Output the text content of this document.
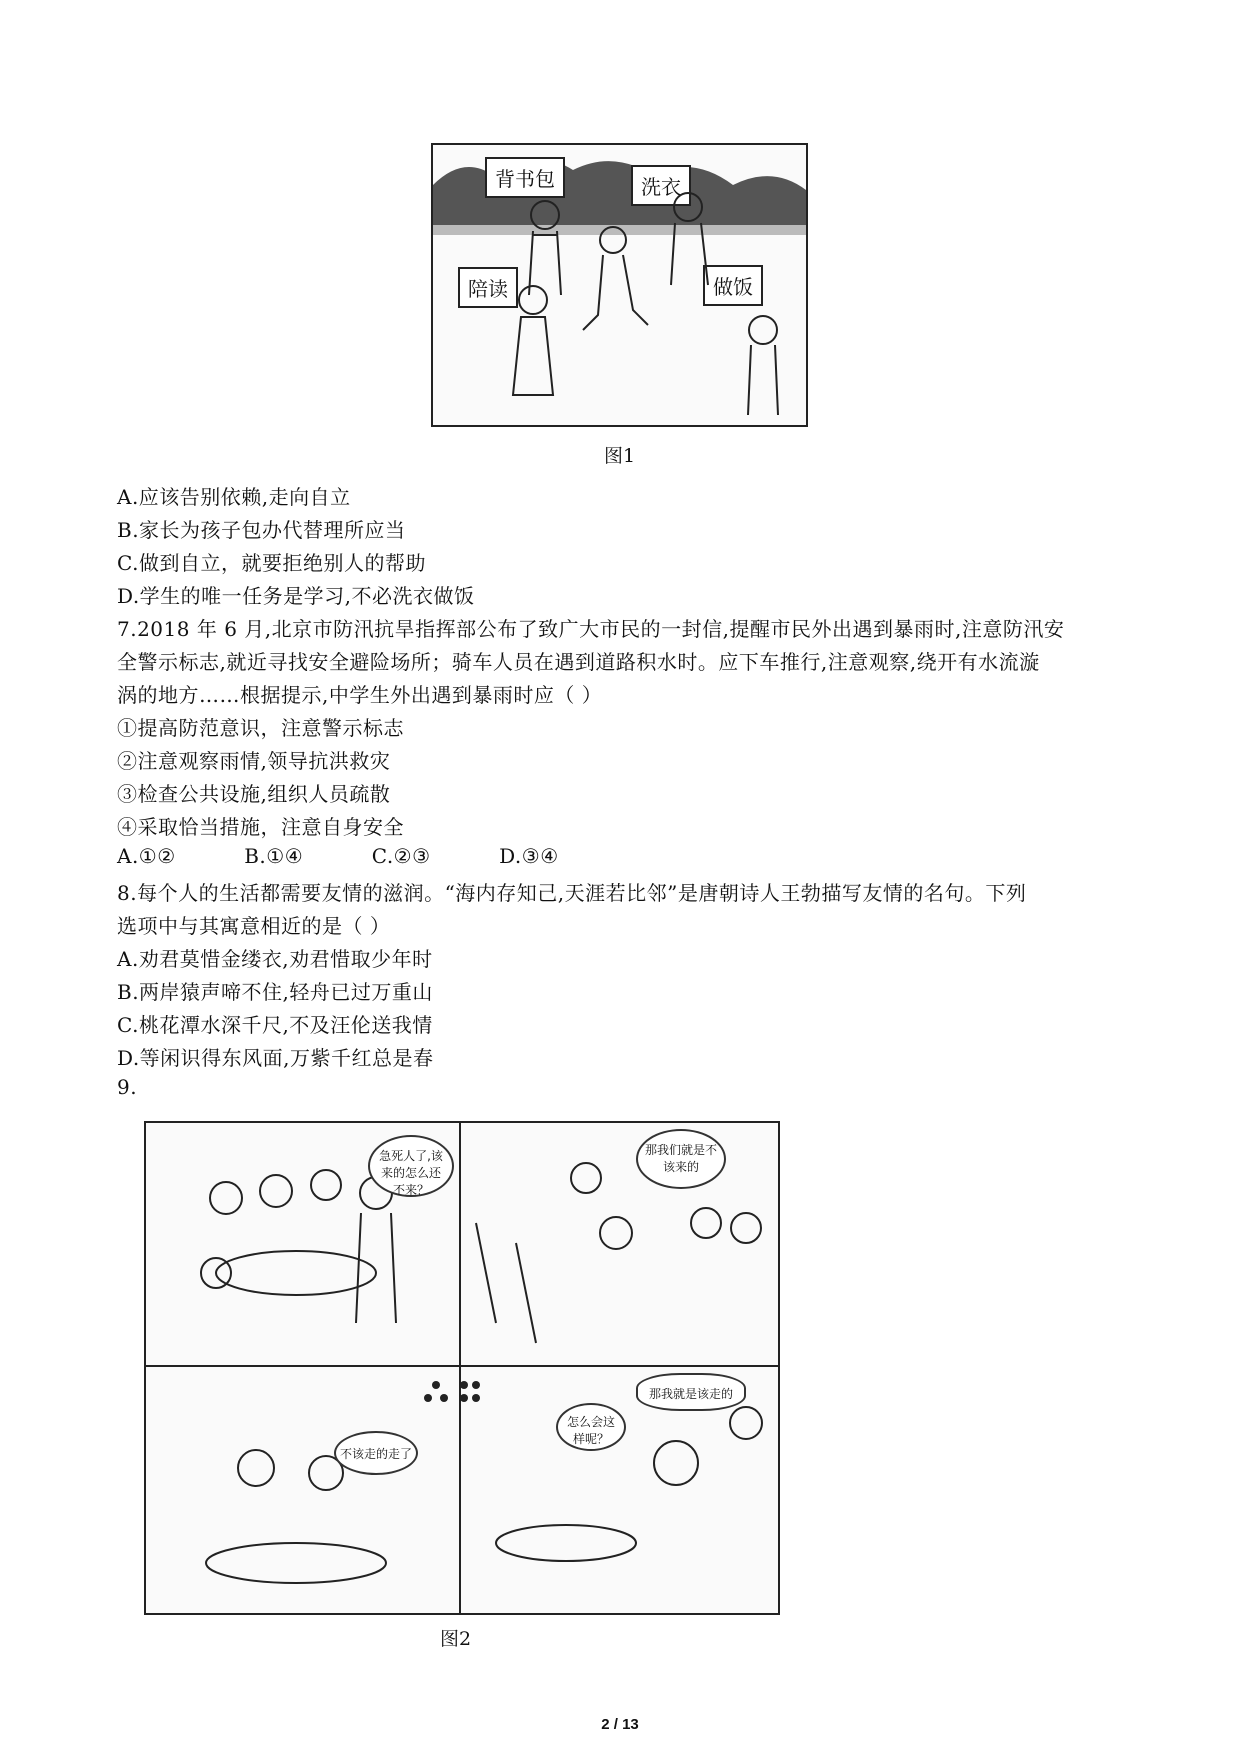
背书包	洗衣
陪读	做饭
图1
A.应该告别依赖,走向自立
B.家长为孩子包办代替理所应当
C.做到自立，就要拒绝别人的帮助
D.学生的唯一任务是学习,不必洗衣做饭
7.2018 年 6 月,北京市防汛抗旱指挥部公布了致广大市民的一封信,提醒市民外出遇到暴雨时,注意防汛安
全警示标志,就近寻找安全避险场所；骑车人员在遇到道路积水时。应下车推行,注意观察,绕开有水流漩
涡的地方……根据提示,中学生外出遇到暴雨时应（ ）
①提高防范意识，注意警示标志
②注意观察雨情,领导抗洪救灾
③检查公共设施,组织人员疏散
④采取恰当措施，注意自身安全
A.①②          B.①④          C.②③          D.③④
8.每个人的生活都需要友情的滋润。“海内存知己,天涯若比邻”是唐朝诗人王勃描写友情的名句。下列
选项中与其寓意相近的是（ ）
A.劝君莫惜金缕衣,劝君惜取少年时
B.两岸猿声啼不住,轻舟已过万重山
C.桃花潭水深千尺,不及汪伦送我情
D.等闲识得东风面,万紫千红总是春
9.
急死人了,该来的怎么还不来？
那我们就是不该来的
不该走的走了
怎么会这样呢？
那我就是该走的
图2
2 / 13
